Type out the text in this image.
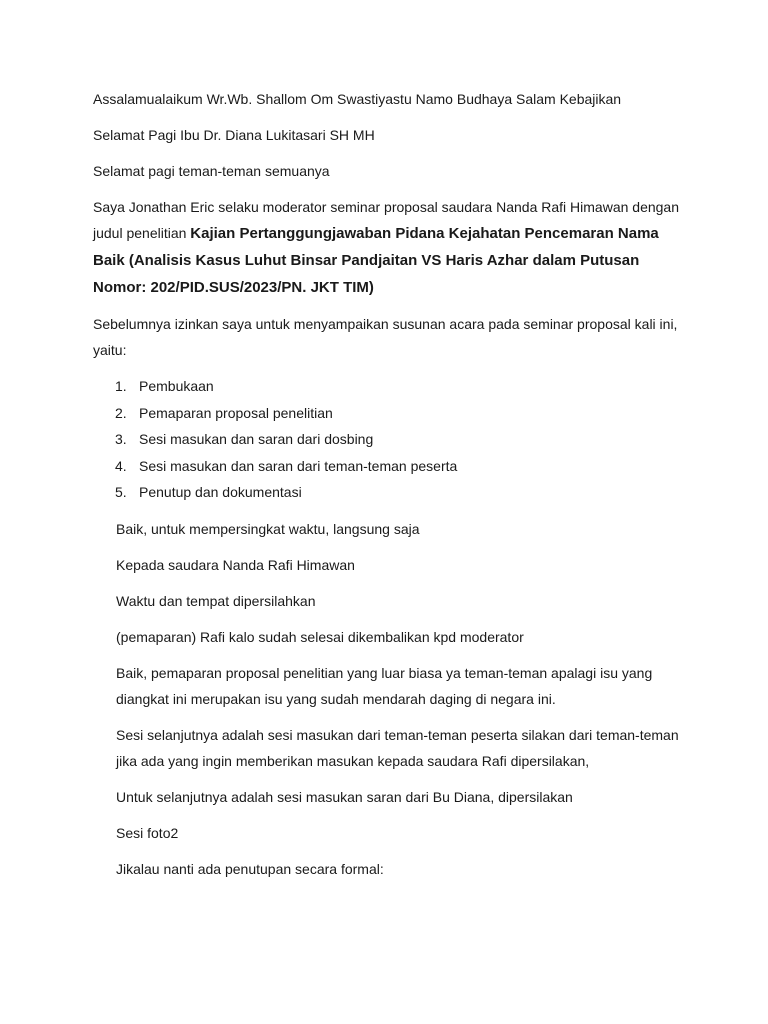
Assalamualaikum Wr.Wb. Shallom Om Swastiyastu Namo Budhaya Salam Kebajikan

Selamat Pagi Ibu Dr. Diana Lukitasari SH MH

Selamat pagi teman-teman semuanya

Saya Jonathan Eric selaku moderator seminar proposal saudara Nanda Rafi Himawan dengan judul penelitian Kajian Pertanggungjawaban Pidana Kejahatan Pencemaran Nama Baik (Analisis Kasus Luhut Binsar Pandjaitan VS Haris Azhar dalam Putusan Nomor: 202/PID.SUS/2023/PN. JKT TIM)

Sebelumnya izinkan saya untuk menyampaikan susunan acara pada seminar proposal kali ini, yaitu:

1. Pembukaan
2. Pemaparan proposal penelitian
3. Sesi masukan dan saran dari dosbing
4. Sesi masukan dan saran dari teman-teman peserta
5. Penutup dan dokumentasi

Baik, untuk mempersingkat waktu, langsung saja

Kepada saudara Nanda Rafi Himawan

Waktu dan tempat dipersilahkan

(pemaparan) Rafi kalo sudah selesai dikembalikan kpd moderator

Baik, pemaparan proposal penelitian yang luar biasa ya teman-teman apalagi isu yang diangkat ini merupakan isu yang sudah mendarah daging di negara ini.

Sesi selanjutnya adalah sesi masukan dari teman-teman peserta silakan dari teman-teman jika ada yang ingin memberikan masukan kepada saudara Rafi dipersilakan,

Untuk selanjutnya adalah sesi masukan saran dari Bu Diana, dipersilakan

Sesi foto2

Jikalau nanti ada penutupan secara formal:
